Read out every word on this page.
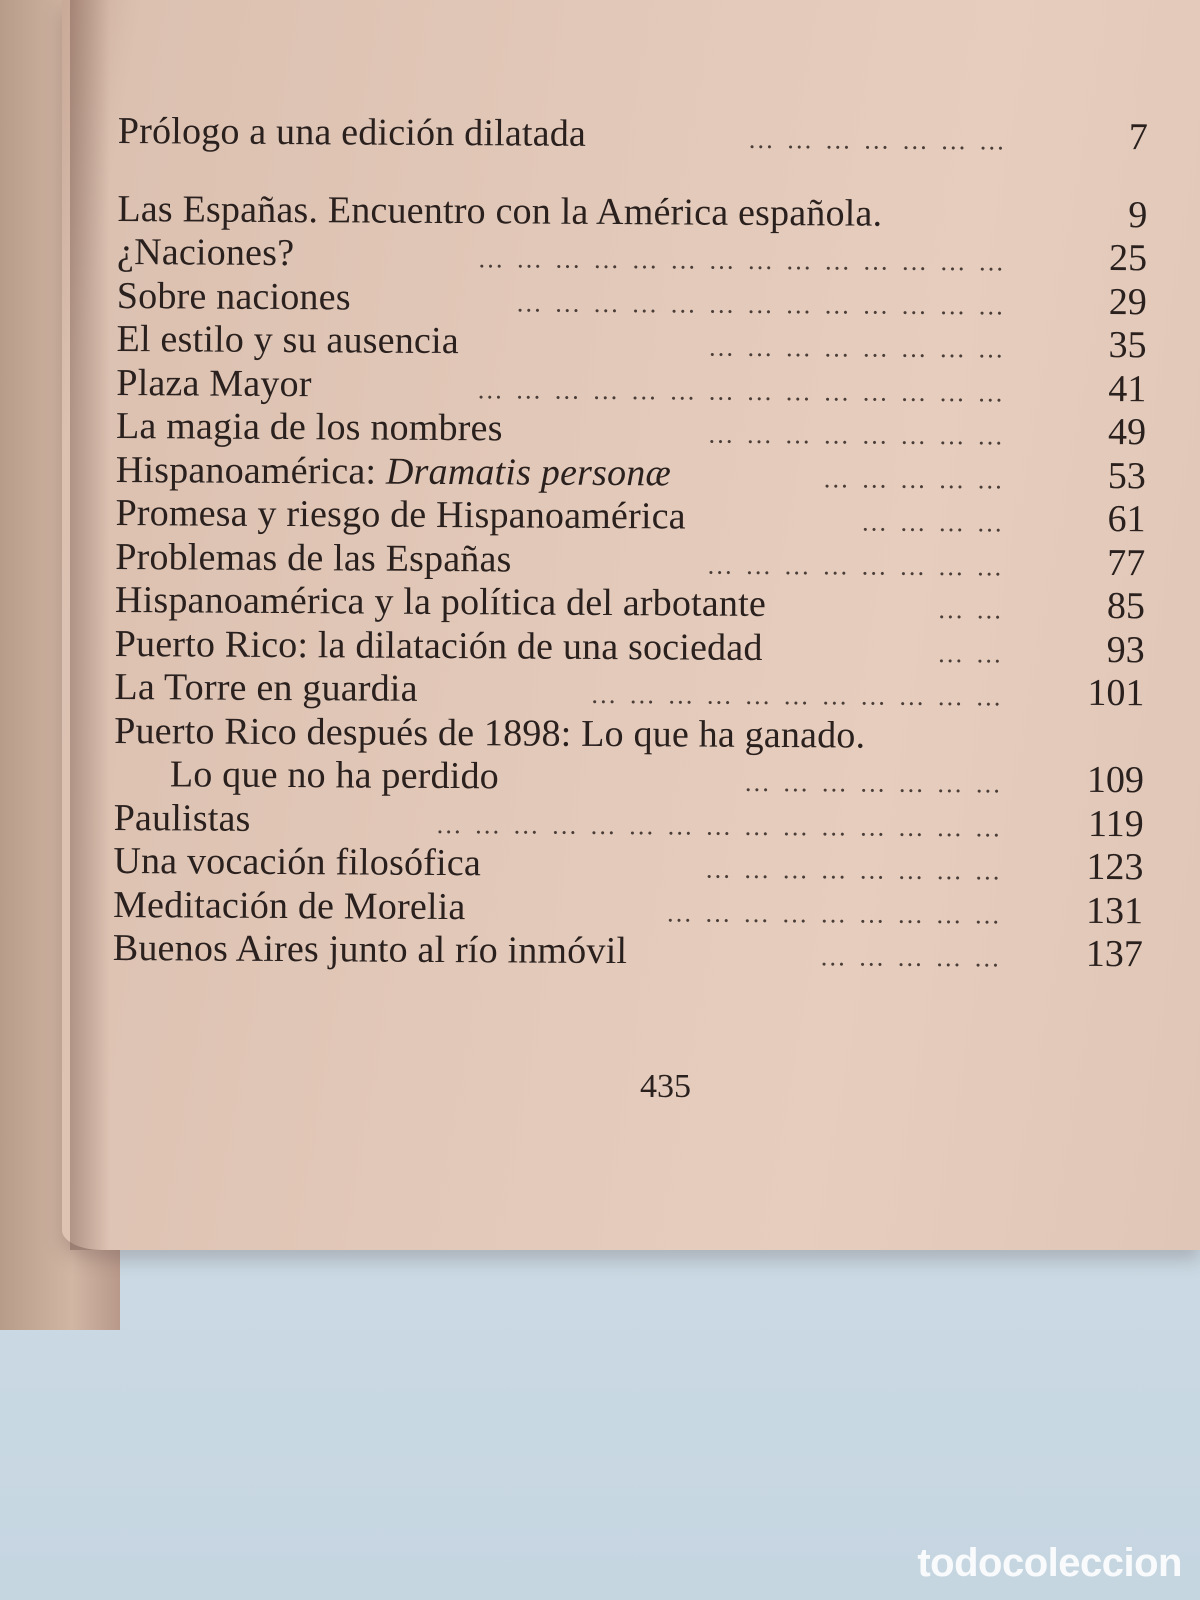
Prólogo a una edición dilatada	… … … … … … …	7
Las Españas. Encuentro con la América española.	9
¿Naciones?	… … … … … … … … … … … … … …	25
Sobre naciones	… … … … … … … … … … … … …	29
El estilo y su ausencia	… … … … … … … …	35
Plaza Mayor	… … … … … … … … … … … … … …	41
La magia de los nombres	… … … … … … … …	49
Hispanoamérica: Dramatis personæ	… … … … …	53
Promesa y riesgo de Hispanoamérica	… … … …	61
Problemas de las Españas	… … … … … … … …	77
Hispanoamérica y la política del arbotante	… …	85
Puerto Rico: la dilatación de una sociedad	… …	93
La Torre en guardia	… … … … … … … … … … …	101
Puerto Rico después de 1898: Lo que ha ganado.
Lo que no ha perdido	… … … … … … …	109
Paulistas	… … … … … … … … … … … … … … …	119
Una vocación filosófica	… … … … … … … …	123
Meditación de Morelia	… … … … … … … … …	131
Buenos Aires junto al río inmóvil	… … … … …	137
435
todocoleccion
